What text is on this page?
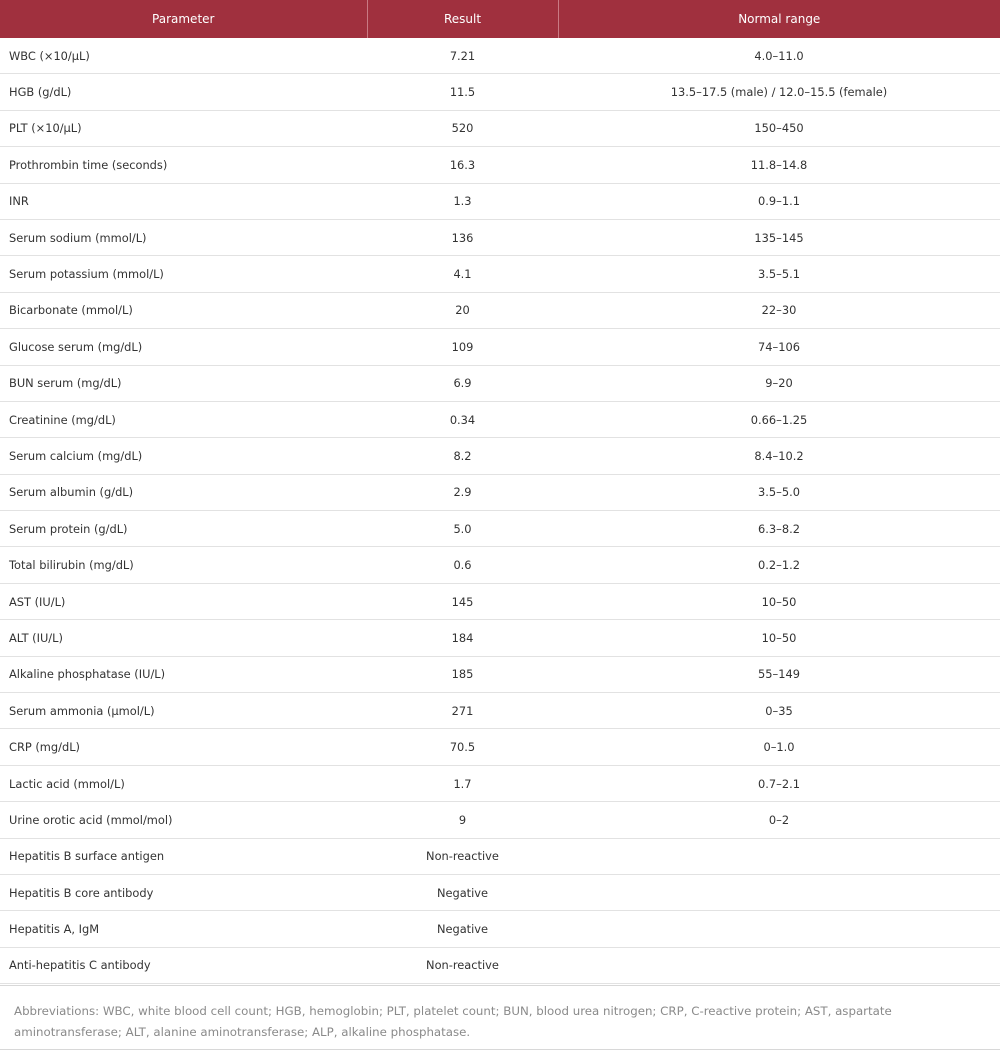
Parameter	Result	Normal range
WBC (×10/µL)	7.21	4.0–11.0
HGB (g/dL)	11.5	13.5–17.5 (male) / 12.0–15.5 (female)
PLT (×10/µL)	520	150–450
Prothrombin time (seconds)	16.3	11.8–14.8
INR	1.3	0.9–1.1
Serum sodium (mmol/L)	136	135–145
Serum potassium (mmol/L)	4.1	3.5–5.1
Bicarbonate (mmol/L)	20	22–30
Glucose serum (mg/dL)	109	74–106
BUN serum (mg/dL)	6.9	9–20
Creatinine (mg/dL)	0.34	0.66–1.25
Serum calcium (mg/dL)	8.2	8.4–10.2
Serum albumin (g/dL)	2.9	3.5–5.0
Serum protein (g/dL)	5.0	6.3–8.2
Total bilirubin (mg/dL)	0.6	0.2–1.2
AST (IU/L)	145	10–50
ALT (IU/L)	184	10–50
Alkaline phosphatase (IU/L)	185	55–149
Serum ammonia (µmol/L)	271	0–35
CRP (mg/dL)	70.5	0–1.0
Lactic acid (mmol/L)	1.7	0.7–2.1
Urine orotic acid (mmol/mol)	9	0–2
Hepatitis B surface antigen	Non-reactive	
Hepatitis B core antibody	Negative	
Hepatitis A, IgM	Negative	
Anti-hepatitis C antibody	Non-reactive	
Abbreviations: WBC, white blood cell count; HGB, hemoglobin; PLT, platelet count; BUN, blood urea nitrogen; CRP, C-reactive protein; AST, aspartate aminotransferase; ALT, alanine aminotransferase; ALP, alkaline phosphatase.
